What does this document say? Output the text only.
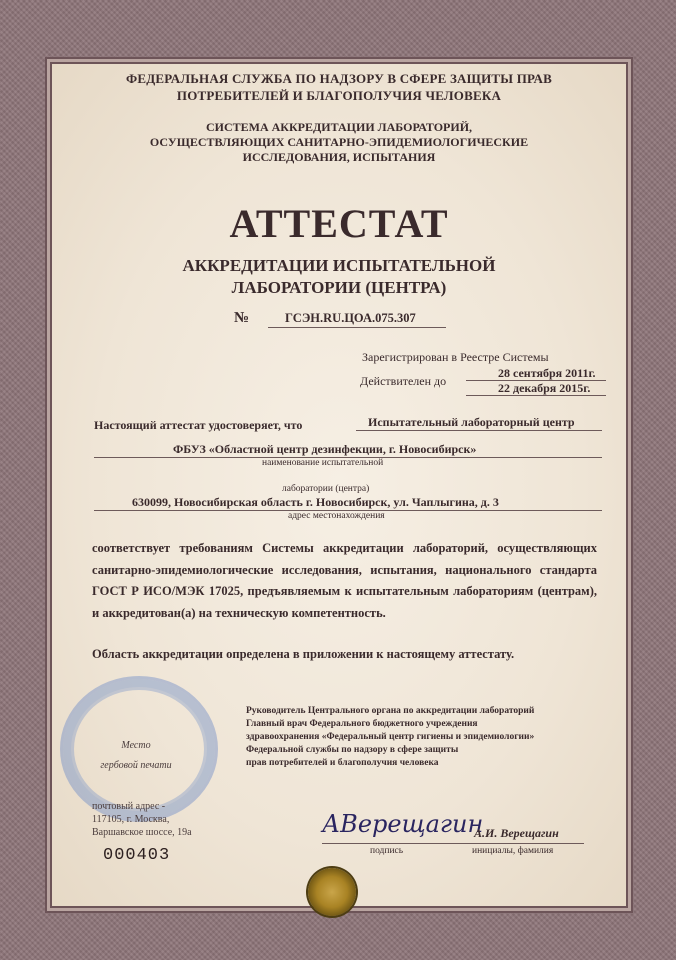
ФЕДЕРАЛЬНАЯ СЛУЖБА ПО НАДЗОРУ В СФЕРЕ ЗАЩИТЫ ПРАВ
ПОТРЕБИТЕЛЕЙ И БЛАГОПОЛУЧИЯ ЧЕЛОВЕКА
СИСТЕМА АККРЕДИТАЦИИ ЛАБОРАТОРИЙ,
ОСУЩЕСТВЛЯЮЩИХ САНИТАРНО-ЭПИДЕМИОЛОГИЧЕСКИЕ
ИССЛЕДОВАНИЯ, ИСПЫТАНИЯ
АТТЕСТАТ
АККРЕДИТАЦИИ ИСПЫТАТЕЛЬНОЙ
ЛАБОРАТОРИИ (ЦЕНТРА)
№	ГСЭН.RU.ЦОА.075.307
Зарегистрирован в Реестре Системы
Действителен до
28 сентября 2011г.
22 декабря 2015г.
Настоящий аттестат удостоверяет, что	Испытательный лабораторный центр
ФБУЗ «Областной центр дезинфекции, г. Новосибирск»
наименование испытательной
лаборатории (центра)
630099, Новосибирская область г. Новосибирск, ул. Чаплыгина, д. 3
адрес местонахождения
соответствует требованиям Системы аккредитации лабораторий, осуществляющих санитарно-эпидемиологические исследования, испытания, национального стандарта ГОСТ Р ИСО/МЭК 17025, предъявляемым к испытательным лабораториям (центрам), и аккредитован(а) на техническую компетентность.
Область аккредитации определена в приложении к настоящему аттестату.
Место
гербовой печати
Руководитель Центрального органа по аккредитации лабораторий
Главный врач Федерального бюджетного учреждения
здравоохранения «Федеральный центр гигиены и эпидемиологии»
Федеральной службы по надзору в сфере защиты
прав потребителей и благополучия человека
почтовый адрес -
117105, г. Москва,
Варшавское шоссе, 19а
000403
АВерещагин
А.И. Верещагин
подпись	инициалы, фамилия
